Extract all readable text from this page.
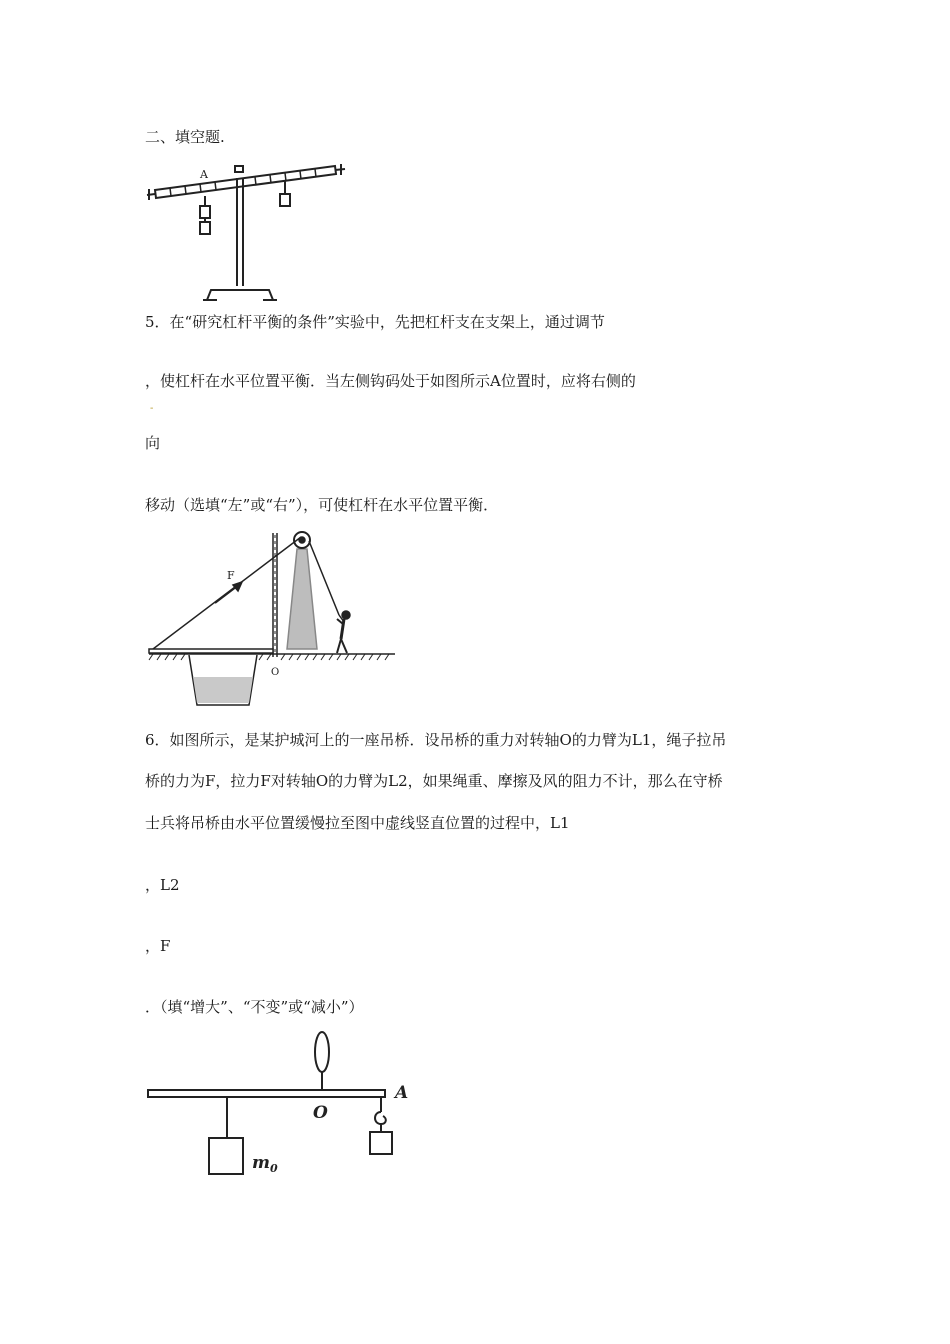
二、填空题.
A
5．在“研究杠杆平衡的条件”实验中，先把杠杆支在支架上，通过调节
，使杠杆在水平位置平衡．当左侧钩码处于如图所示A位置时，应将右侧的
-
向
移动（选填“左”或“右”），可使杠杆在水平位置平衡．
F
O
6．如图所示，是某护城河上的一座吊桥．设吊桥的重力对转轴O的力臂为L1，绳子拉吊
桥的力为F，拉力F对转轴O的力臂为L2，如果绳重、摩擦及风的阻力不计，那么在守桥
士兵将吊桥由水平位置缓慢拉至图中虚线竖直位置的过程中，L1
，L2
，F
．（填“增大”、“不变”或“减小”）
O
A
$m_0$
